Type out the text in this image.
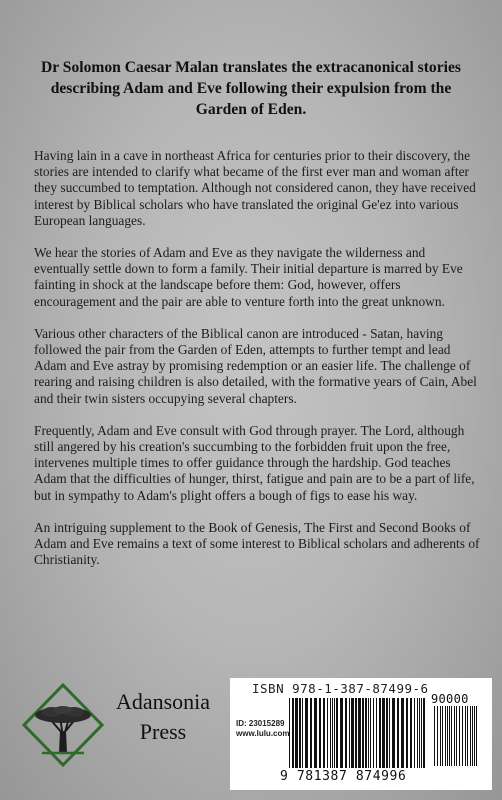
Dr Solomon Caesar Malan translates the extracanonical stories describing Adam and Eve following their expulsion from the Garden of Eden.

Having lain in a cave in northeast Africa for centuries prior to their discovery, the stories are intended to clarify what became of the first ever man and woman after they succumbed to temptation. Although not considered canon, they have received interest by Biblical scholars who have translated the original Ge'ez into various European languages.

We hear the stories of Adam and Eve as they navigate the wilderness and eventually settle down to form a family. Their initial departure is marred by Eve fainting in shock at the landscape before them: God, however, offers encouragement and the pair are able to venture forth into the great unknown.

Various other characters of the Biblical canon are introduced - Satan, having followed the pair from the Garden of Eden, attempts to further tempt and lead Adam and Eve astray by promising redemption or an easier life. The challenge of rearing and raising children is also detailed, with the formative years of Cain, Abel and their twin sisters occupying several chapters.

Frequently, Adam and Eve consult with God through prayer. The Lord, although still angered by his creation's succumbing to the forbidden fruit upon the free, intervenes multiple times to offer guidance through the hardship. God teaches Adam that the difficulties of hunger, thirst, fatigue and pain are to be a part of life, but in sympathy to Adam's plight offers a bough of figs to ease his way.

An intriguing supplement to the Book of Genesis, The First and Second Books of Adam and Eve remains a text of some interest to Biblical scholars and adherents of Christianity.

Adansonia
Press
ISBN 978-1-387-87499-6
ID: 23015289
www.lulu.com
9 781387 874996
90000
